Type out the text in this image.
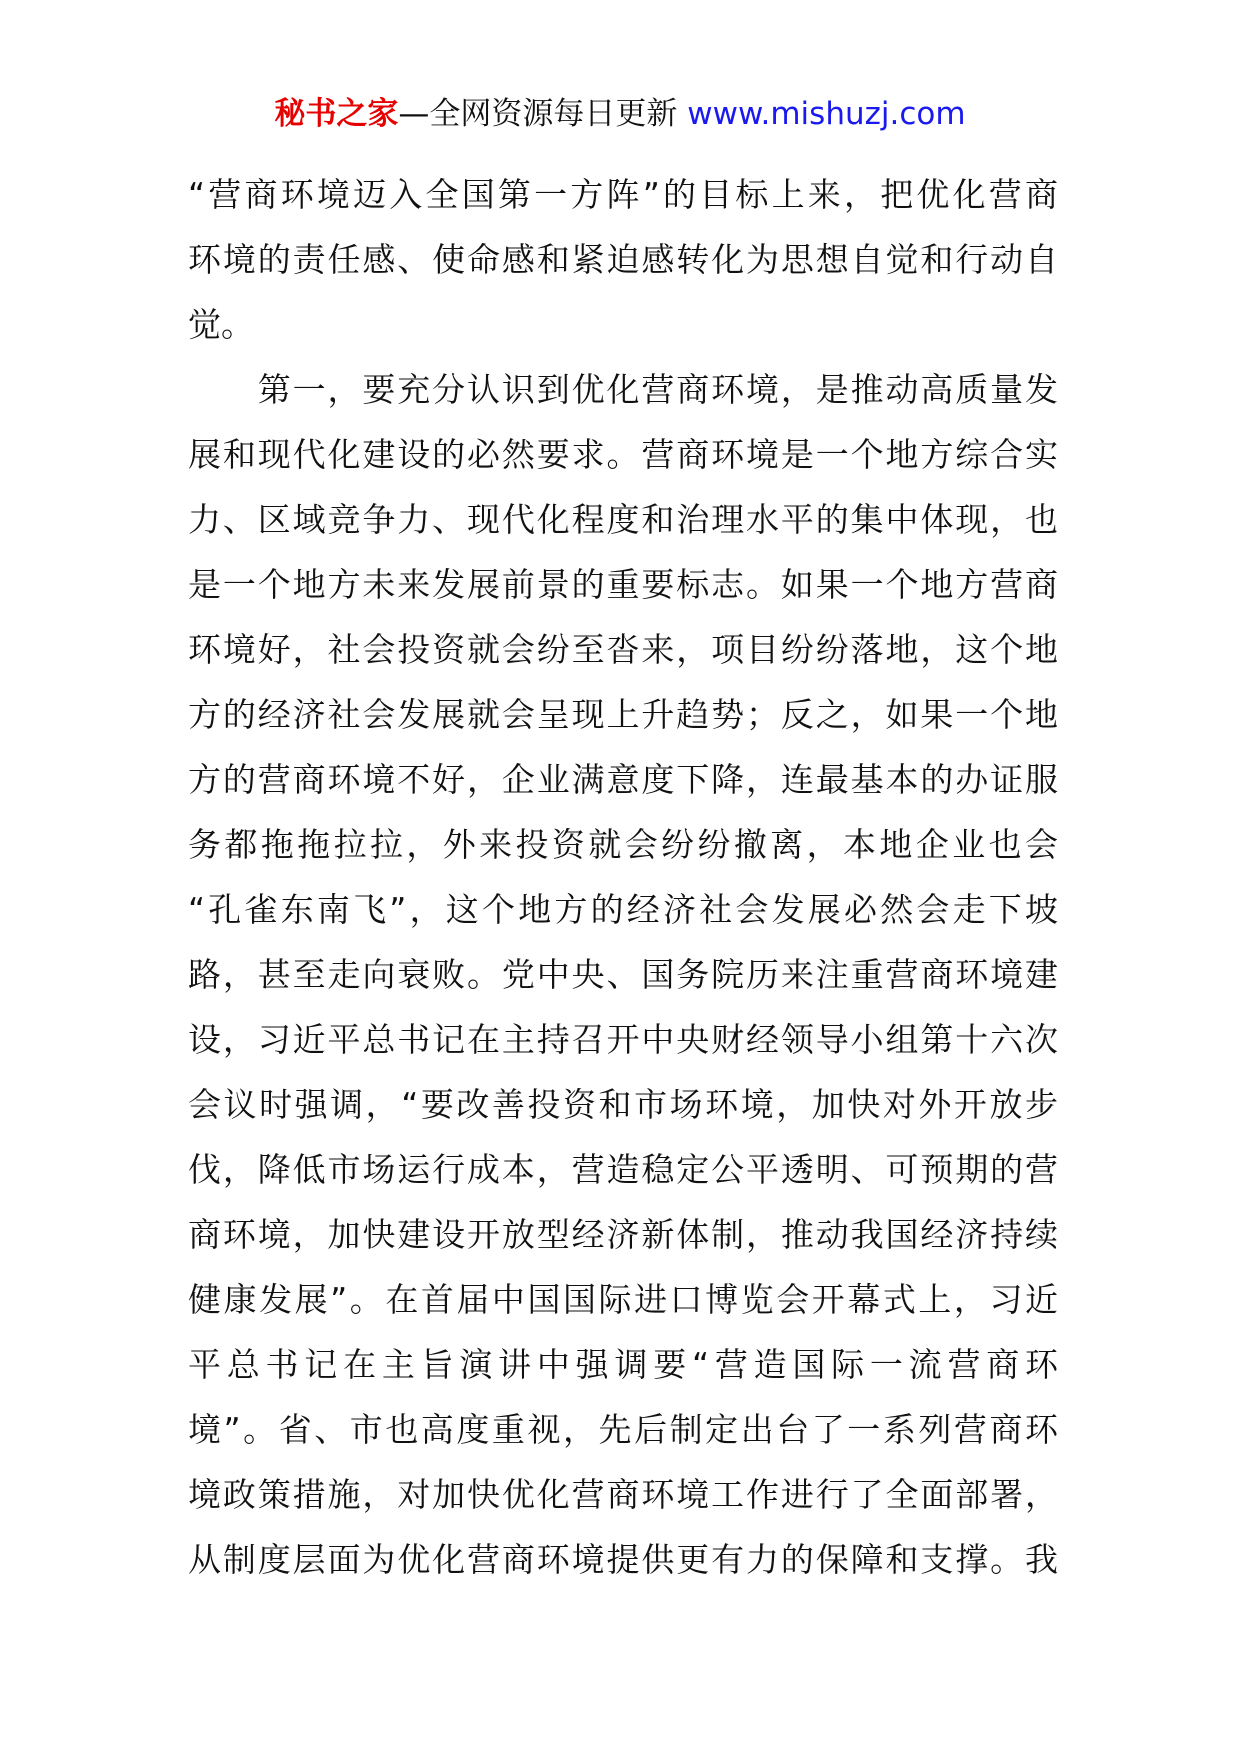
秘书之家—全网资源每日更新 www.mishuzj.com
“营商环境迈入全国第一方阵”的目标上来，把优化营商
环境的责任感、使命感和紧迫感转化为思想自觉和行动自
觉。
　　第一，要充分认识到优化营商环境，是推动高质量发
展和现代化建设的必然要求。营商环境是一个地方综合实
力、区域竞争力、现代化程度和治理水平的集中体现，也
是一个地方未来发展前景的重要标志。如果一个地方营商
环境好，社会投资就会纷至沓来，项目纷纷落地，这个地
方的经济社会发展就会呈现上升趋势；反之，如果一个地
方的营商环境不好，企业满意度下降，连最基本的办证服
务都拖拖拉拉，外来投资就会纷纷撤离，本地企业也会
“孔雀东南飞”，这个地方的经济社会发展必然会走下坡
路，甚至走向衰败。党中央、国务院历来注重营商环境建
设，习近平总书记在主持召开中央财经领导小组第十六次
会议时强调，“要改善投资和市场环境，加快对外开放步
伐，降低市场运行成本，营造稳定公平透明、可预期的营
商环境，加快建设开放型经济新体制，推动我国经济持续
健康发展”。在首届中国国际进口博览会开幕式上，习近
平总书记在主旨演讲中强调要“营造国际一流营商环
境”。省、市也高度重视，先后制定出台了一系列营商环
境政策措施，对加快优化营商环境工作进行了全面部署，
从制度层面为优化营商环境提供更有力的保障和支撑。我
